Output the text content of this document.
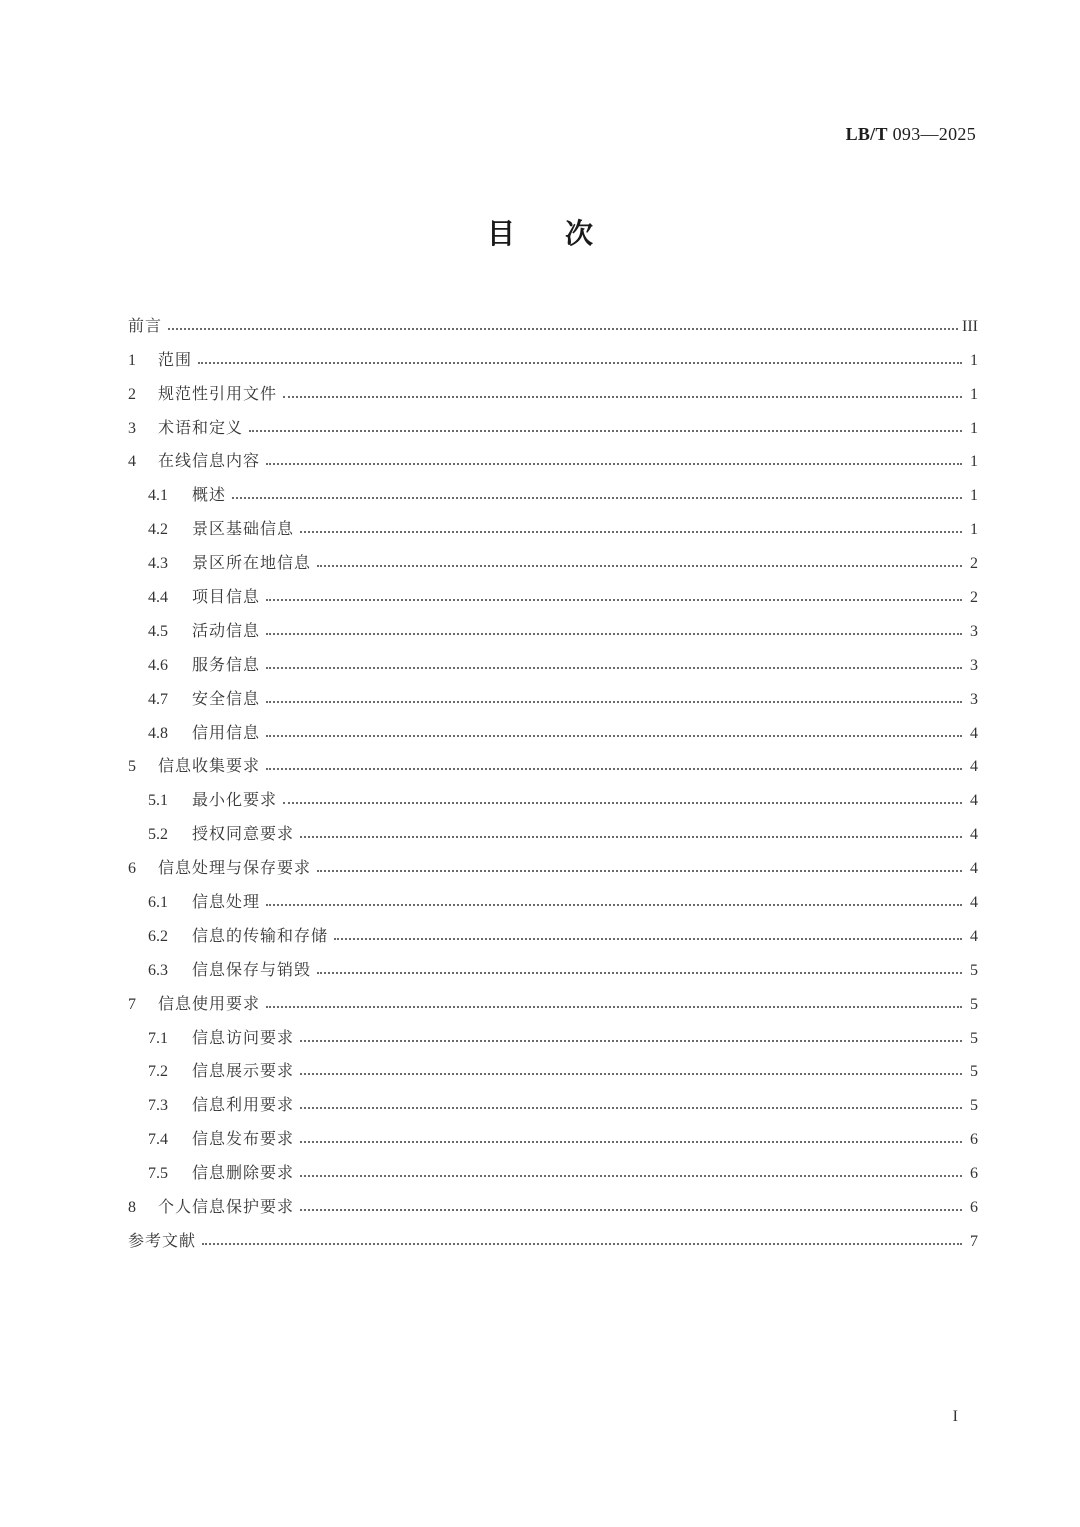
LB/T 093—2025
目次
前言	III
1	范围	1
2	规范性引用文件	1
3	术语和定义	1
4	在线信息内容	1
4.1	概述	1
4.2	景区基础信息	1
4.3	景区所在地信息	2
4.4	项目信息	2
4.5	活动信息	3
4.6	服务信息	3
4.7	安全信息	3
4.8	信用信息	4
5	信息收集要求	4
5.1	最小化要求	4
5.2	授权同意要求	4
6	信息处理与保存要求	4
6.1	信息处理	4
6.2	信息的传输和存储	4
6.3	信息保存与销毁	5
7	信息使用要求	5
7.1	信息访问要求	5
7.2	信息展示要求	5
7.3	信息利用要求	5
7.4	信息发布要求	6
7.5	信息删除要求	6
8	个人信息保护要求	6
参考文献	7
I
